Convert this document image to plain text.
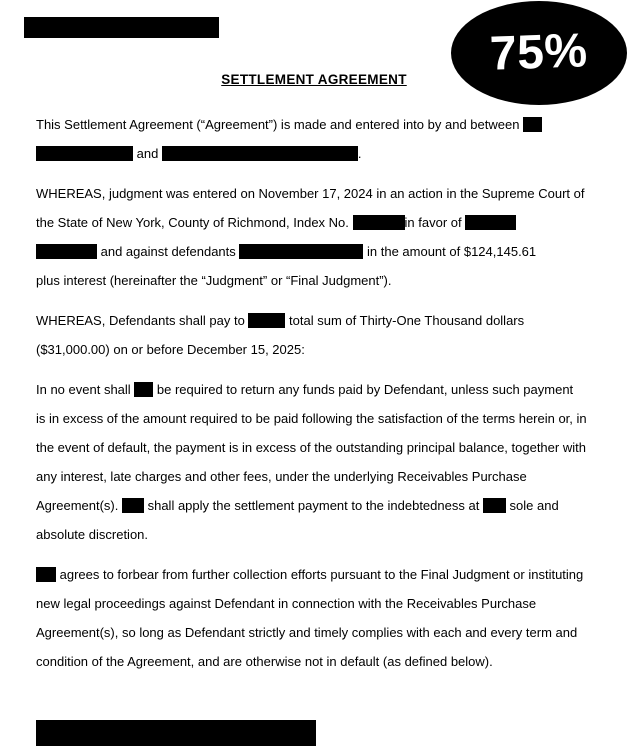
75%
SETTLEMENT AGREEMENT
This Settlement Agreement (“Agreement”) is made and entered into by and between
and	.
WHEREAS, judgment was entered on November 17, 2024 in an action in the Supreme Court of
the State of New York, County of Richmond, Index No.	in favor of
and against defendants	in the amount of $124,145.61
plus interest (hereinafter the “Judgment” or “Final Judgment”).
WHEREAS, Defendants shall pay to	total sum of Thirty-One Thousand dollars
($31,000.00) on or before December 15, 2025:
In no event shall  be required to return any funds paid by Defendant, unless such payment
is in excess of the amount required to be paid following the satisfaction of the terms herein or, in
the event of default, the payment is in excess of the outstanding principal balance, together with
any interest, late charges and other fees, under the underlying Receivables Purchase
Agreement(s).  shall apply the settlement payment to the indebtedness at  sole and
absolute discretion.
agrees to forbear from further collection efforts pursuant to the Final Judgment or instituting
new legal proceedings against Defendant in connection with the Receivables Purchase
Agreement(s), so long as Defendant strictly and timely complies with each and every term and
condition of the Agreement, and are otherwise not in default (as defined below).
